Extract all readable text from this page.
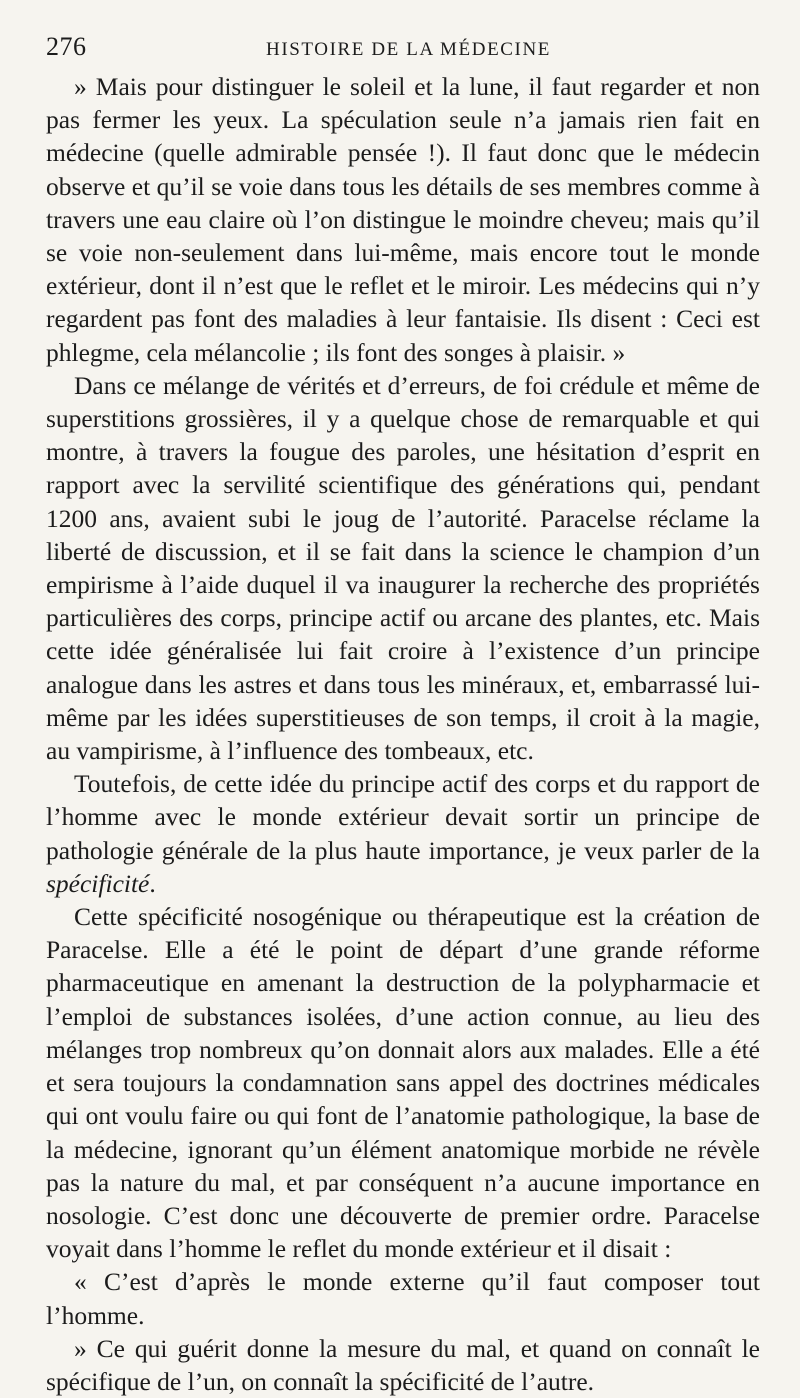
276	HISTOIRE DE LA MÉDECINE

» Mais pour distinguer le soleil et la lune, il faut regarder et non pas fermer les yeux. La spéculation seule n’a jamais rien fait en médecine (quelle admirable pensée !). Il faut donc que le médecin observe et qu’il se voie dans tous les détails de ses membres comme à travers une eau claire où l’on distingue le moindre cheveu; mais qu’il se voie non-seulement dans lui-même, mais encore tout le monde extérieur, dont il n’est que le reflet et le miroir. Les médecins qui n’y regardent pas font des maladies à leur fantaisie. Ils disent : Ceci est phlegme, cela mélancolie ; ils font des songes à plaisir. »

Dans ce mélange de vérités et d’erreurs, de foi crédule et même de superstitions grossières, il y a quelque chose de remarquable et qui montre, à travers la fougue des paroles, une hésitation d’esprit en rapport avec la servilité scientifique des générations qui, pendant 1200 ans, avaient subi le joug de l’autorité. Paracelse réclame la liberté de discussion, et il se fait dans la science le champion d’un empirisme à l’aide duquel il va inaugurer la recherche des propriétés particulières des corps, principe actif ou arcane des plantes, etc. Mais cette idée généralisée lui fait croire à l’existence d’un principe analogue dans les astres et dans tous les minéraux, et, embarrassé lui-même par les idées superstitieuses de son temps, il croit à la magie, au vampirisme, à l’influence des tombeaux, etc.

Toutefois, de cette idée du principe actif des corps et du rapport de l’homme avec le monde extérieur devait sortir un principe de pathologie générale de la plus haute importance, je veux parler de la spécificité.

Cette spécificité nosogénique ou thérapeutique est la création de Paracelse. Elle a été le point de départ d’une grande réforme pharmaceutique en amenant la destruction de la polypharmacie et l’emploi de substances isolées, d’une action connue, au lieu des mélanges trop nombreux qu’on donnait alors aux malades. Elle a été et sera toujours la condamnation sans appel des doctrines médicales qui ont voulu faire ou qui font de l’anatomie pathologique, la base de la médecine, ignorant qu’un élément anatomique morbide ne révèle pas la nature du mal, et par conséquent n’a aucune importance en nosologie. C’est donc une découverte de premier ordre. Paracelse voyait dans l’homme le reflet du monde extérieur et il disait :

« C’est d’après le monde externe qu’il faut composer tout l’homme.

» Ce qui guérit donne la mesure du mal, et quand on connaît le spécifique de l’un, on connaît la spécificité de l’autre.
